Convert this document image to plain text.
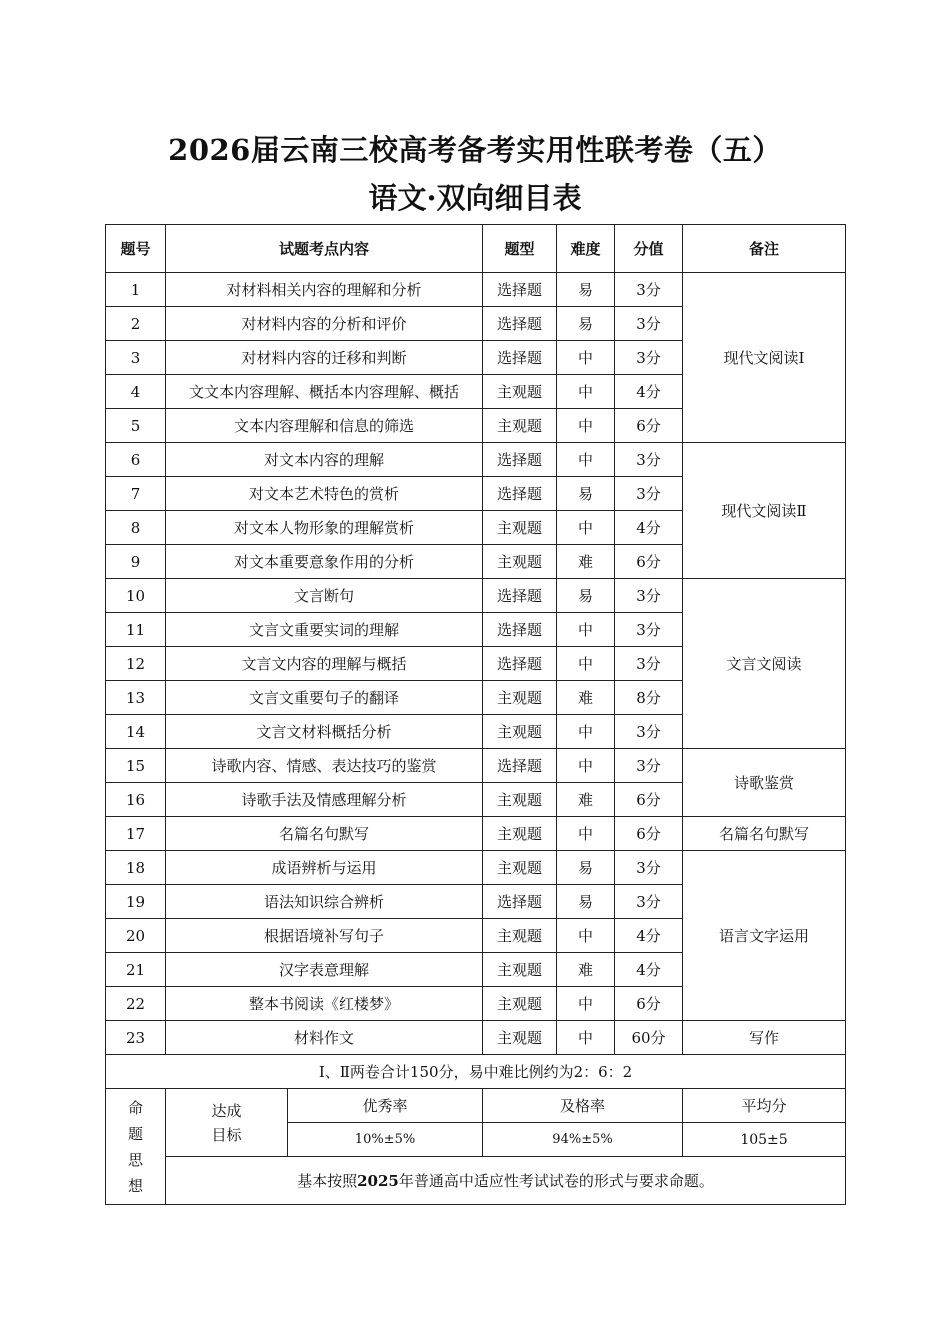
2026届云南三校高考备考实用性联考卷（五）
语文·双向细目表
题号	试题考点内容		题型	难度	分值	备注
1	对材料相关内容的理解和分析		选择题	易	3分	现代文阅读Ⅰ
2	对材料内容的分析和评价		选择题	易	3分	
3	对材料内容的迁移和判断		选择题	中	3分	
4	文文本内容理解、概括本内容理解、概括		主观题	中	4分	
5	文本内容理解和信息的筛选		主观题	中	6分	
6	对文本内容的理解		选择题	中	3分	现代文阅读Ⅱ
7	对文本艺术特色的赏析		选择题	易	3分	
8	对文本人物形象的理解赏析		主观题	中	4分	
9	对文本重要意象作用的分析		主观题	难	6分	
10	文言断句		选择题	易	3分	文言文阅读
11	文言文重要实词的理解		选择题	中	3分	
12	文言文内容的理解与概括		选择题	中	3分	
13	文言文重要句子的翻译		主观题	难	8分	
14	文言文材料概括分析		主观题	中	3分	
15	诗歌内容、情感、表达技巧的鉴赏		选择题	中	3分	诗歌鉴赏
16	诗歌手法及情感理解分析		主观题	难	6分	
17	名篇名句默写		主观题	中	6分	名篇名句默写
18	成语辨析与运用		主观题	易	3分	语言文字运用
19	语法知识综合辨析		选择题	易	3分	
20	根据语境补写句子		主观题	中	4分	
21	汉字表意理解		主观题	难	4分	
22	整本书阅读《红楼梦》		主观题	中	6分	
23	材料作文		主观题	中	60分	写作
Ⅰ、Ⅱ两卷合计150分，易中难比例约为2：6：2						

命题思想	达成目标	优秀率	及格率			平均分
		10%±5%	94%±5%			105±5
	基本按照2025年普通高中适应性考试试卷的形式与要求命题。					
